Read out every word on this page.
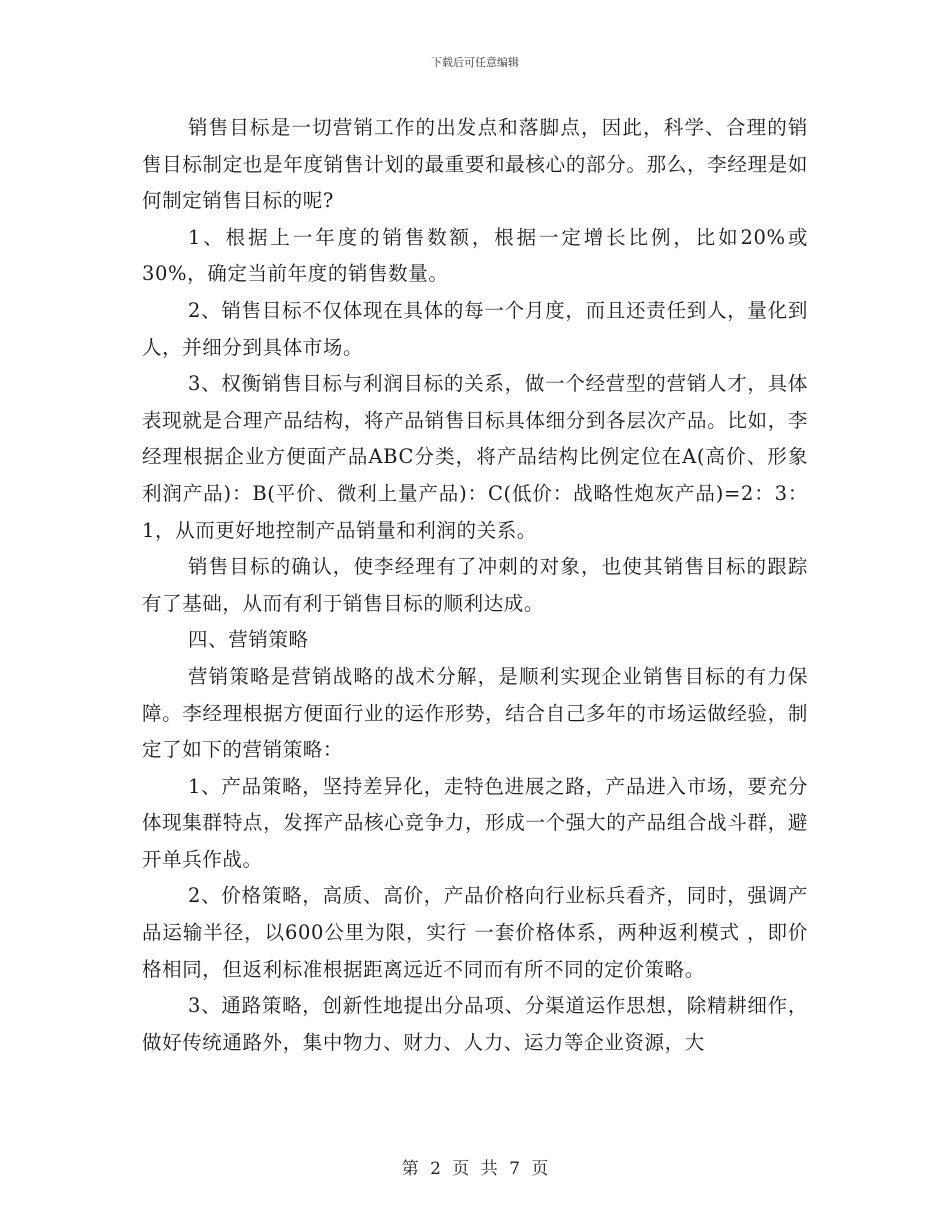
下载后可任意编辑

销售目标是一切营销工作的出发点和落脚点，因此，科学、合理的销售目标制定也是年度销售计划的最重要和最核心的部分。那么，李经理是如何制定销售目标的呢?

1、根据上一年度的销售数额，根据一定增长比例，比如20%或30%，确定当前年度的销售数量。

2、销售目标不仅体现在具体的每一个月度，而且还责任到人，量化到人，并细分到具体市场。

3、权衡销售目标与利润目标的关系，做一个经营型的营销人才，具体表现就是合理产品结构，将产品销售目标具体细分到各层次产品。比如，李经理根据企业方便面产品ABC分类，将产品结构比例定位在A(高价、形象利润产品)：B(平价、微利上量产品)：C(低价：战略性炮灰产品)=2：3：1，从而更好地控制产品销量和利润的关系。

销售目标的确认，使李经理有了冲刺的对象，也使其销售目标的跟踪有了基础，从而有利于销售目标的顺利达成。

四、营销策略

营销策略是营销战略的战术分解，是顺利实现企业销售目标的有力保障。李经理根据方便面行业的运作形势，结合自己多年的市场运做经验，制定了如下的营销策略：

1、产品策略，坚持差异化，走特色进展之路，产品进入市场，要充分体现集群特点，发挥产品核心竞争力，形成一个强大的产品组合战斗群，避开单兵作战。

2、价格策略，高质、高价，产品价格向行业标兵看齐，同时，强调产品运输半径，以600公里为限，实行 一套价格体系，两种返利模式 ，即价格相同，但返利标准根据距离远近不同而有所不同的定价策略。

3、通路策略，创新性地提出分品项、分渠道运作思想，除精耕细作，做好传统通路外，集中物力、财力、人力、运力等企业资源，大

第 2 页 共 7 页
